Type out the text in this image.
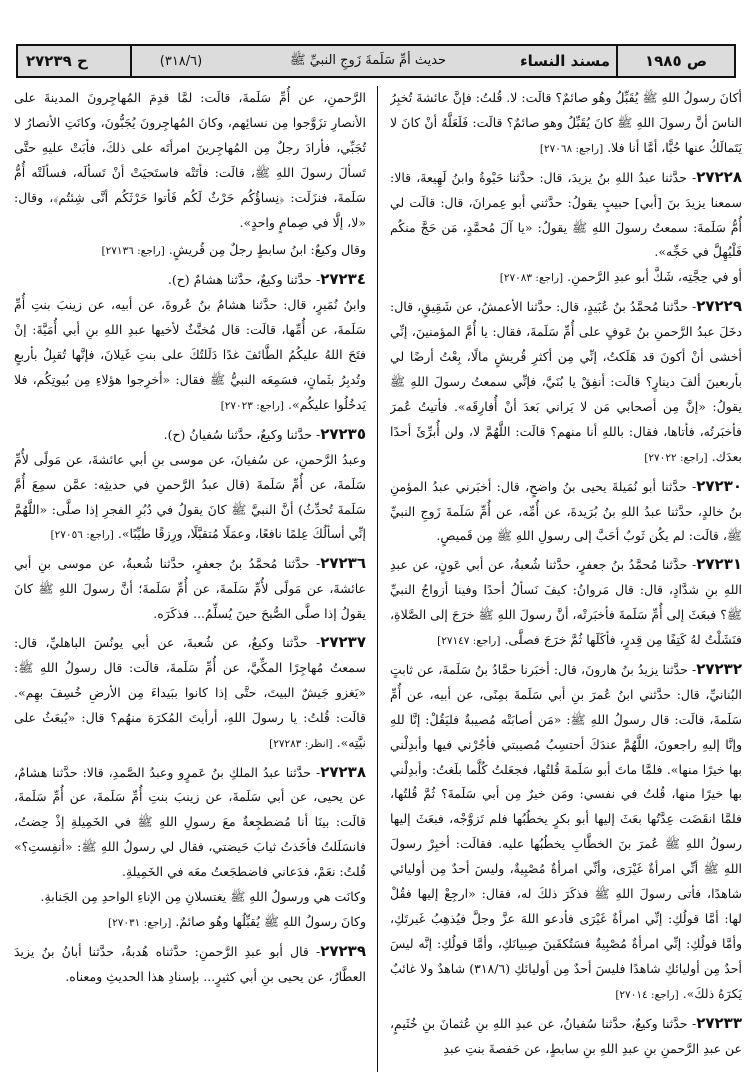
ص ١٩٨٥
مسند النساء
حديث أمِّ سَلَمةَ زَوجِ النبيِّ ﷺ
(٣١٨/٦)
ح ٢٧٢٣٩

أكانَ رسولُ اللهِ ﷺ يُقَبِّلُ وهُو صائمٌ؟ قالَت: لا. قُلتُ: فإنَّ عائشةَ تُخبِرُ الناسَ أنَّ رسولَ اللهِ ﷺ كانَ يُقَبِّلُ وهو صائمٌ؟ قالَت: فَلَعَلَّهُ أنْ كانَ لا يَتَمالَكُ عنها حُبًّا، أمَّا أنا فلا. [راجع: ٢٧٠٦٨]

٢٧٢٢٨- حدَّثنا عبدُ اللهِ بنُ يزيدَ، قال: حدَّثنا حَيْوةُ وابنُ لَهِيعةَ، قالا: سمعنا يزيدَ بنَ [أبي] حبيبٍ يقولُ: حدَّثني أبو عِمرانَ، قال: قالَت لي أُمُّ سَلَمةَ: سمعتُ رسولَ اللهِ ﷺ يقولُ: «يا آلَ مُحمَّدٍ، مَن حَجَّ منكُم فَلْيُهِلَّ في حَجِّه».

أو في حِجَّتِه، شَكَّ أبو عبدِ الرَّحمنِ. [راجع: ٢٧٠٨٣]

٢٧٢٢٩- حدَّثنا مُحمَّدُ بنُ عُبَيدٍ، قال: حدَّثنا الأعمشُ، عن شَقِيقٍ، قال: دخَلَ عبدُ الرَّحمنِ بنُ عَوفٍ على أُمِّ سَلَمةَ، فقال: يا أُمَّ المؤمنينَ، إنِّي أخشى أنْ أكونَ قد هَلَكتُ، إنِّي مِن أكثرِ قُريشٍ مالًا، بِعْتُ أرضًا لي بأربعينَ ألفَ دينارٍ؟ قالَت: أنفِقْ يا بُنَيَّ، فإنِّي سمعتُ رسولَ اللهِ ﷺ يقولُ: «إنَّ مِن أصحابي مَن لا يَراني بَعدَ أنْ أُفارِقَه». فأتيتُ عُمرَ فأخبَرتُه، فأتاها، فقال: باللهِ أنا منهم؟ قالَت: اللَّهُمَّ لا، ولن أُبرِّئَ أحدًا بعدَك. [راجع: ٢٧٠٢٢]

٢٧٢٣٠- حدَّثنا أبو نُمَيلةَ يحيى بنُ واضحٍ، قال: أخبَرني عبدُ المؤمنِ بنُ خالدٍ، حدَّثنا عبدُ اللهِ بنُ بُرَيدةَ، عن أُمِّه، عن أُمِّ سَلَمةَ زَوجِ النبيِّ ﷺ، قالَت: لم يكُن ثَوبٌ أحَبَّ إلى رسولِ اللهِ ﷺ مِن قَميصٍ.

٢٧٢٣١- حدَّثنا مُحمَّدُ بنُ جعفرٍ، حدَّثنا شُعبةُ، عن أبي عَونٍ، عن عبدِ اللهِ بنِ شدَّادٍ، قال: قال مَروانُ: كيفَ نَسألُ أحدًا وفينا أزواجُ النبيِّ ﷺ؟ فبعَثَ إلى أُمِّ سَلَمةَ فأخبَرتْه، أنَّ رسولَ اللهِ ﷺ خرَجَ إلى الصَّلاةِ، فنَشَلْتُ لهُ كَتِفًا مِن قِدرٍ، فأكَلَها ثُمَّ خرَجَ فصلَّى. [راجع: ٢٧١٤٧]

٢٧٢٣٢- حدَّثنا يزيدُ بنُ هارونَ، قال: أخبَرنا حمَّادُ بنُ سَلَمةَ، عن ثابتٍ البُنانيِّ، قال: حدَّثني ابنُ عُمرَ بنِ أبي سَلَمةَ بمِنًى، عن أبيه، عن أُمِّ سَلَمةَ، قالَت: قال رسولُ اللهِ ﷺ: «مَن أصابَتْه مُصيبةٌ فليَقُلْ: إنَّا للهِ وإنَّا إليهِ راجعونَ، اللَّهُمَّ عندَكَ أحتسِبُ مُصيبتي فأجُرْني فيها وأبدِلْني بها خيرًا منها». فلمَّا ماتَ أبو سَلَمةَ قُلتُها، فجعَلتُ كُلَّما بلَغتُ: وأبدِلْني بها خيرًا منها، قُلتُ في نفسي: ومَن خيرٌ مِن أبي سَلَمةَ؟ ثُمَّ قُلتُها، فلمَّا انقَضَت عِدَّتُها بعَثَ إليها أبو بكرٍ يخطُبُها فلم تَزوَّجْه، فبعَثَ إليها رسولُ اللهِ ﷺ عُمرَ بنَ الخطَّابِ يخطُبُها عليه. فقالَت: أخبِرْ رسولَ اللهِ ﷺ أنِّي امرأةٌ غَيْرَى، وأنِّي امرأةٌ مُصْبِيةٌ، وليسَ أحدٌ مِن أوليائي شاهدًا، فأتى رسولَ اللهِ ﷺ فذكَرَ ذلكَ له، فقال: «ارجِعْ إليها فقُلْ لها: أمَّا قولُكِ: إنِّي امرأةٌ غَيْرَى فأدعو اللهَ عزَّ وجلَّ فيُذهِبُ غَيرتَكِ، وأمَّا قولُكِ: إنِّي امرأةٌ مُصْبِيةٌ فسَتُكفَينَ صِبيانَكِ، وأمَّا قولُكِ: إنَّه ليسَ أحدٌ مِن أوليائكِ شاهدًا فليسَ أحدٌ مِن أوليائكِ (٣١٨/٦) شاهدٌ ولا غائبٌ يَكرَهُ ذلكَ». [راجع: ٢٧٠١٤]

٢٧٢٣٣- حدَّثنا وكيعٌ، حدَّثنا سُفيانُ، عن عبدِ اللهِ بنِ عُثمانَ بنِ خُثَيمٍ، عن عبدِ الرَّحمنِ بنِ عبدِ اللهِ بنِ سابطٍ، عن حَفصةَ بنتِ عبدِ

الرَّحمنِ، عن أُمِّ سَلَمةَ، قالَت: لمَّا قدِمَ المُهاجِرونَ المدينةَ على الأنصارِ تزَوَّجوا مِن نسائِهم، وكانَ المُهاجِرونَ يُجَبُّونَ، وكانَتِ الأنصارُ لا تُجَبِّي، فأرادَ رجلٌ مِن المُهاجِرينَ امرأتَه على ذلكَ، فأبَتْ عليهِ حتَّى تَسألَ رسولَ اللهِ ﷺ، قالَت: فأتَتْه فاستَحيَتْ أنْ تَسألَه، فسألَتْه أُمُّ سَلَمةَ، فنزَلَت: ﴿نِساؤُكُم حَرْثٌ لَكُم فَأتوا حَرْثَكُم أنَّى شِئتُم﴾، وقال: «لا، إلَّا في صِمامٍ واحدٍ».

وقال وكيعٌ: ابنُ سابطٍ رجلٌ مِن قُريشٍ. [راجع: ٢٧١٣٦]

٢٧٢٣٤- حدَّثنا وكيعٌ، حدَّثنا هشامٌ (ح).

وابنُ نُمَيرٍ، قال: حدَّثنا هشامُ بنُ عُروةَ، عن أبيه، عن زينبَ بنتِ أُمِّ سَلَمةَ، عن أُمِّها، قالَت: قال مُخنَّثٌ لأخيها عبدِ اللهِ بنِ أبي أُمَيَّةَ: إنْ فتَحَ اللهُ عليكُمُ الطَّائفَ غدًا دَلَلتُكَ على بنتِ غَيلانَ، فإنَّها تُقبِلُ بأربعٍ وتُدبِرُ بثَمانٍ، فسَمِعَه النبيُّ ﷺ فقال: «أخرِجوا هؤلاءِ مِن بُيوتِكُم، فلا يَدخُلُوا عليكُم». [راجع: ٢٧٠٢٣]

٢٧٢٣٥- حدَّثنا وكيعٌ، حدَّثنا سُفيانُ (ح).

وعبدُ الرَّحمنِ، عن سُفيانَ، عن موسى بنِ أبي عائشةَ، عن مَولًى لأُمِّ سَلَمةَ، عن أُمِّ سَلَمةَ (قال عبدُ الرَّحمنِ في حديثِه: عمَّن سمِعَ أُمَّ سَلَمةَ تُحدِّثُ) أنَّ النبيَّ ﷺ كانَ يقولُ في دُبُرِ الفجرِ إذا صلَّى: «اللَّهُمَّ إنِّي أسألُكَ عِلمًا نافعًا، وعمَلًا مُتقبَّلًا، ورِزقًا طيِّبًا». [راجع: ٢٧٠٥٦]

٢٧٢٣٦- حدَّثنا مُحمَّدُ بنُ جعفرٍ، حدَّثنا شُعبةُ، عن موسى بنِ أبي عائشةَ، عن مَولًى لأُمِّ سَلَمةَ، عن أُمِّ سَلَمةَ؛ أنَّ رسولَ اللهِ ﷺ كانَ يقولُ إذا صلَّى الصُّبحَ حينَ يُسلِّمُ... فذكَرَه.

٢٧٢٣٧- حدَّثنا وكيعٌ، عن شُعبةَ، عن أبي يونُسَ الباهليِّ، قال: سمعتُ مُهاجِرًا المكِّيَّ، عن أُمِّ سَلَمةَ، قالَت: قال رسولُ اللهِ ﷺ: «يَغزو جَيشٌ البيتَ، حتَّى إذا كانوا ببَيداءَ مِن الأرضِ خُسِفَ بهِم». قالَت: قُلتُ: يا رسولَ اللهِ، أرأيتَ المُكرَهَ منهُم؟ قال: «يُبعَثُ على نيَّتِه». [انظر: ٢٧٢٨٣]

٢٧٢٣٨- حدَّثنا عبدُ الملكِ بنُ عَمرٍو وعبدُ الصَّمدِ، قالا: حدَّثنا هشامٌ، عن يحيى، عن أبي سَلَمةَ، عن زينبَ بنتِ أُمِّ سَلَمةَ، عن أُمِّ سَلَمةَ، قالَت: بينَا أنا مُضطجِعةٌ معَ رسولِ اللهِ ﷺ في الخَمِيلةِ إذْ حِضتُ، فانسَلَلتُ فأخَذتُ ثيابَ حَيضتي، فقال لي رسولُ اللهِ ﷺ: «أنفِستِ؟» قُلتُ: نعَمْ، فدَعاني فاضطجَعتُ معَه في الخَمِيلةِ.

وكانَت هي ورسولُ اللهِ ﷺ يغتسلانِ مِن الإناءِ الواحدِ مِن الجَنابةِ.

وكانَ رسولُ اللهِ ﷺ يُقبِّلُها وهُو صائمٌ. [راجع: ٢٧٠٣١]

٢٧٢٣٩- قال أبو عبدِ الرَّحمنِ: حدَّثناه هُدبةُ، حدَّثنا أبانُ بنُ يزيدَ العطَّارُ، عن يحيى بنِ أبي كثيرٍ... بإسنادِ هذا الحديثِ ومعناه.
